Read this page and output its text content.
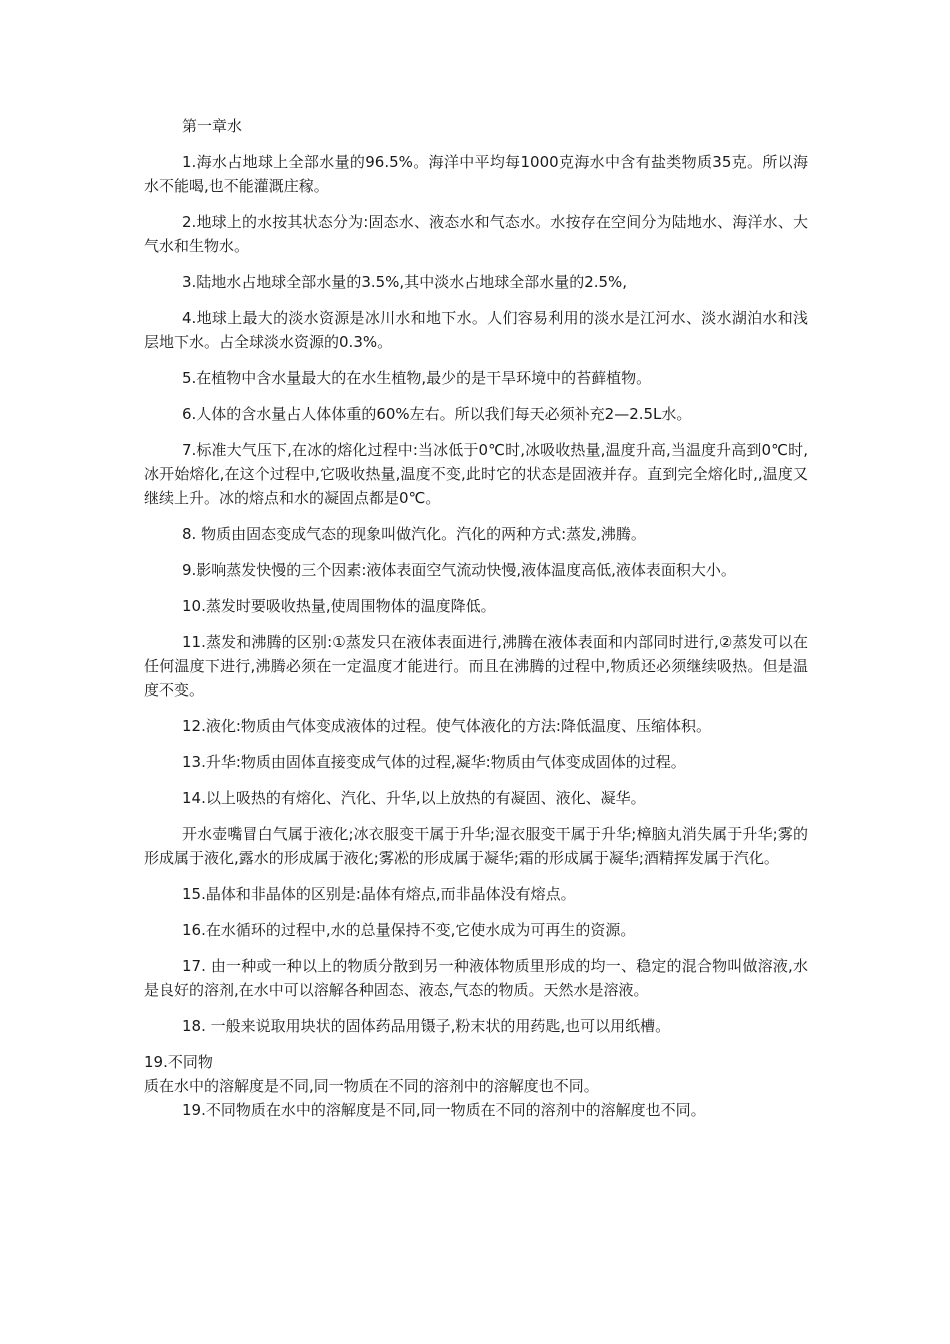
第一章水

1.海水占地球上全部水量的96.5%。海洋中平均每1000克海水中含有盐类物质35克。所以海水不能喝,也不能灌溉庄稼。

2.地球上的水按其状态分为:固态水、液态水和气态水。水按存在空间分为陆地水、海洋水、大气水和生物水。

3.陆地水占地球全部水量的3.5%,其中淡水占地球全部水量的2.5%,

4.地球上最大的淡水资源是冰川水和地下水。人们容易利用的淡水是江河水、淡水湖泊水和浅层地下水。占全球淡水资源的0.3%。

5.在植物中含水量最大的在水生植物,最少的是干旱环境中的苔藓植物。

6.人体的含水量占人体体重的60%左右。所以我们每天必须补充2—2.5L水。

7.标准大气压下,在冰的熔化过程中:当冰低于0℃时,冰吸收热量,温度升高,当温度升高到0℃时,冰开始熔化,在这个过程中,它吸收热量,温度不变,此时它的状态是固液并存。直到完全熔化时,,温度又继续上升。冰的熔点和水的凝固点都是0℃。

8. 物质由固态变成气态的现象叫做汽化。汽化的两种方式:蒸发,沸腾。

9.影响蒸发快慢的三个因素:液体表面空气流动快慢,液体温度高低,液体表面积大小。

10.蒸发时要吸收热量,使周围物体的温度降低。

11.蒸发和沸腾的区别:①蒸发只在液体表面进行,沸腾在液体表面和内部同时进行,②蒸发可以在任何温度下进行,沸腾必须在一定温度才能进行。而且在沸腾的过程中,物质还必须继续吸热。但是温度不变。

12.液化:物质由气体变成液体的过程。使气体液化的方法:降低温度、压缩体积。

13.升华:物质由固体直接变成气体的过程,凝华:物质由气体变成固体的过程。

14.以上吸热的有熔化、汽化、升华,以上放热的有凝固、液化、凝华。

开水壶嘴冒白气属于液化;冰衣服变干属于升华;湿衣服变干属于升华;樟脑丸消失属于升华;雾的形成属于液化,露水的形成属于液化;雾凇的形成属于凝华;霜的形成属于凝华;酒精挥发属于汽化。

15.晶体和非晶体的区别是:晶体有熔点,而非晶体没有熔点。

16.在水循环的过程中,水的总量保持不变,它使水成为可再生的资源。

17. 由一种或一种以上的物质分散到另一种液体物质里形成的均一、稳定的混合物叫做溶液,水是良好的溶剂,在水中可以溶解各种固态、液态,气态的物质。天然水是溶液。

18. 一般来说取用块状的固体药品用镊子,粉末状的用药匙,也可以用纸槽。

19.不同物

质在水中的溶解度是不同,同一物质在不同的溶剂中的溶解度也不同。

19.不同物质在水中的溶解度是不同,同一物质在不同的溶剂中的溶解度也不同。
